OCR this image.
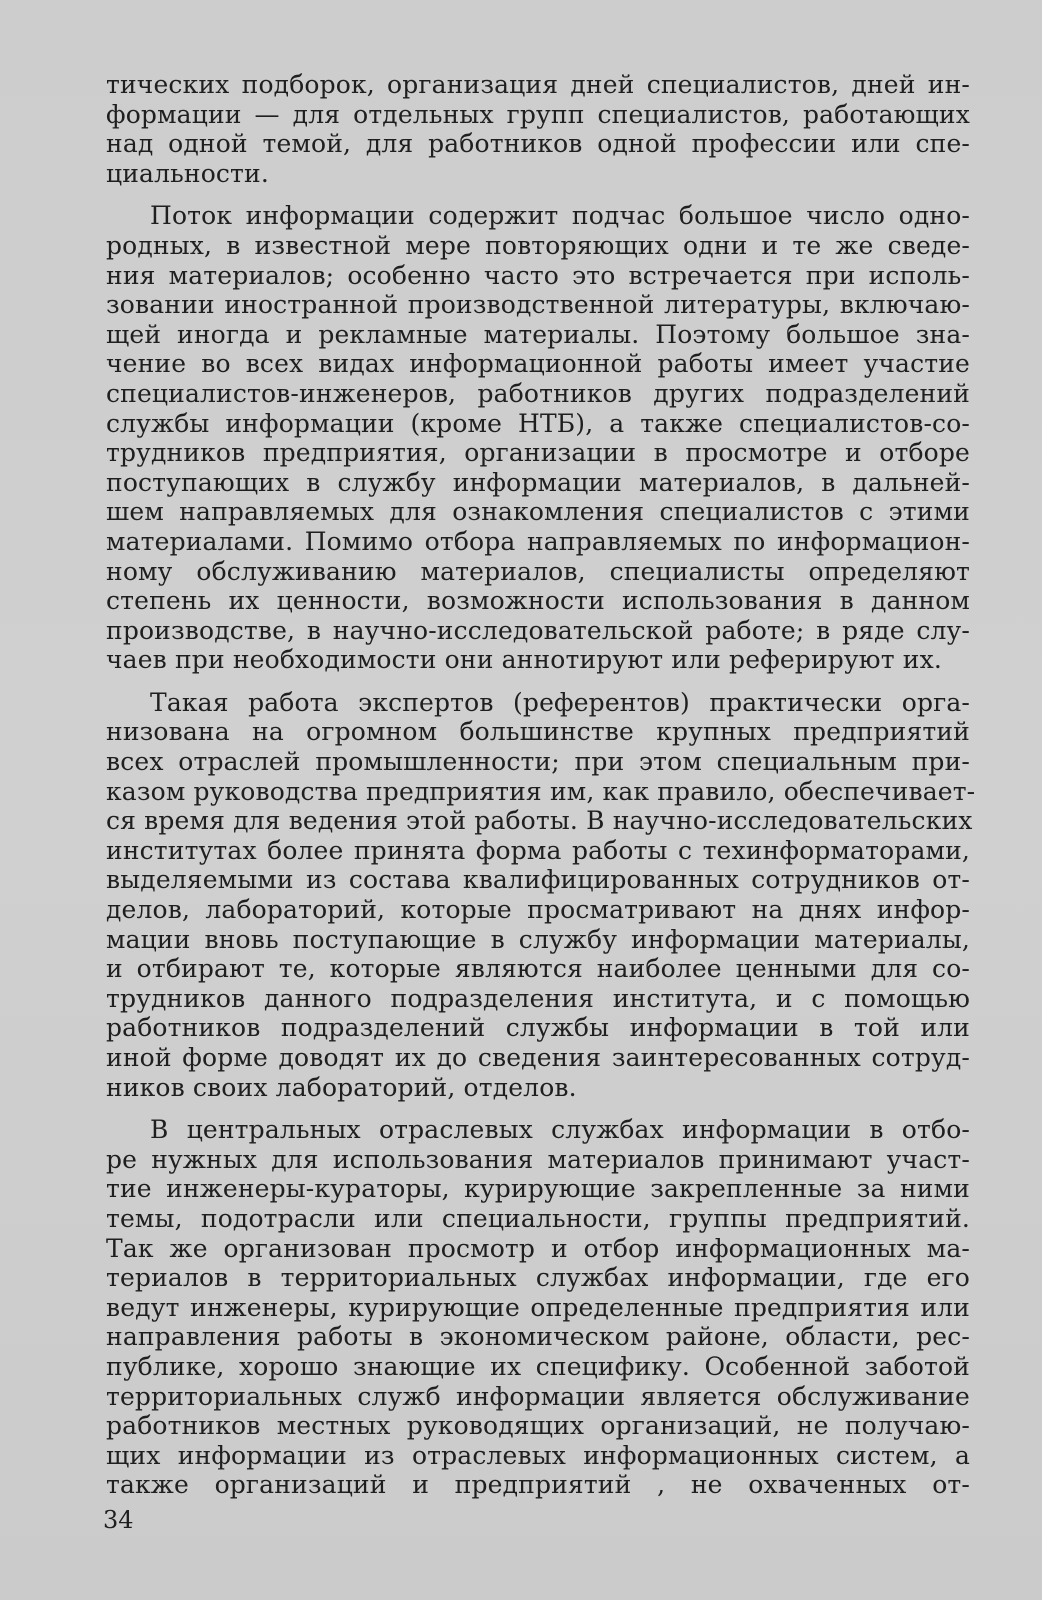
тических подборок, организация дней специалистов, дней ин-
формации — для отдельных групп специалистов, работающих
над одной темой, для работников одной профессии или спе-
циальности.
Поток информации содержит подчас большое число одно-
родных, в известной мере повторяющих одни и те же сведе-
ния материалов; особенно часто это встречается при исполь-
зовании иностранной производственной литературы, включаю-
щей иногда и рекламные материалы. Поэтому большое зна-
чение во всех видах информационной работы имеет участие
специалистов-инженеров, работников других подразделений
службы информации (кроме НТБ), а также специалистов-со-
трудников предприятия, организации в просмотре и отборе
поступающих в службу информации материалов, в дальней-
шем направляемых для ознакомления специалистов с этими
материалами. Помимо отбора направляемых по информацион-
ному обслуживанию материалов, специалисты определяют
степень их ценности, возможности использования в данном
производстве, в научно-исследовательской работе; в ряде слу-
чаев при необходимости они аннотируют или реферируют их.
Такая работа экспертов (референтов) практически орга-
низована на огромном большинстве крупных предприятий
всех отраслей промышленности; при этом специальным при-
казом руководства предприятия им, как правило, обеспечивает-
ся время для ведения этой работы. В научно-исследовательских
институтах более принята форма работы с техинформаторами,
выделяемыми из состава квалифицированных сотрудников от-
делов, лабораторий, которые просматривают на днях инфор-
мации вновь поступающие в службу информации материалы,
и отбирают те, которые являются наиболее ценными для со-
трудников данного подразделения института, и с помощью
работников подразделений службы информации в той или
иной форме доводят их до сведения заинтересованных сотруд-
ников своих лабораторий, отделов.
В центральных отраслевых службах информации в отбо-
ре нужных для использования материалов принимают участ-
тие инженеры-кураторы, курирующие закрепленные за ними
темы, подотрасли или специальности, группы предприятий.
Так же организован просмотр и отбор информационных ма-
териалов в территориальных службах информации, где его
ведут инженеры, курирующие определенные предприятия или
направления работы в экономическом районе, области, рес-
публике, хорошо знающие их специфику. Особенной заботой
территориальных служб информации является обслуживание
работников местных руководящих организаций, не получаю-
щих информации из отраслевых информационных систем, а
также организаций и предприятий , не охваченных от-
34
